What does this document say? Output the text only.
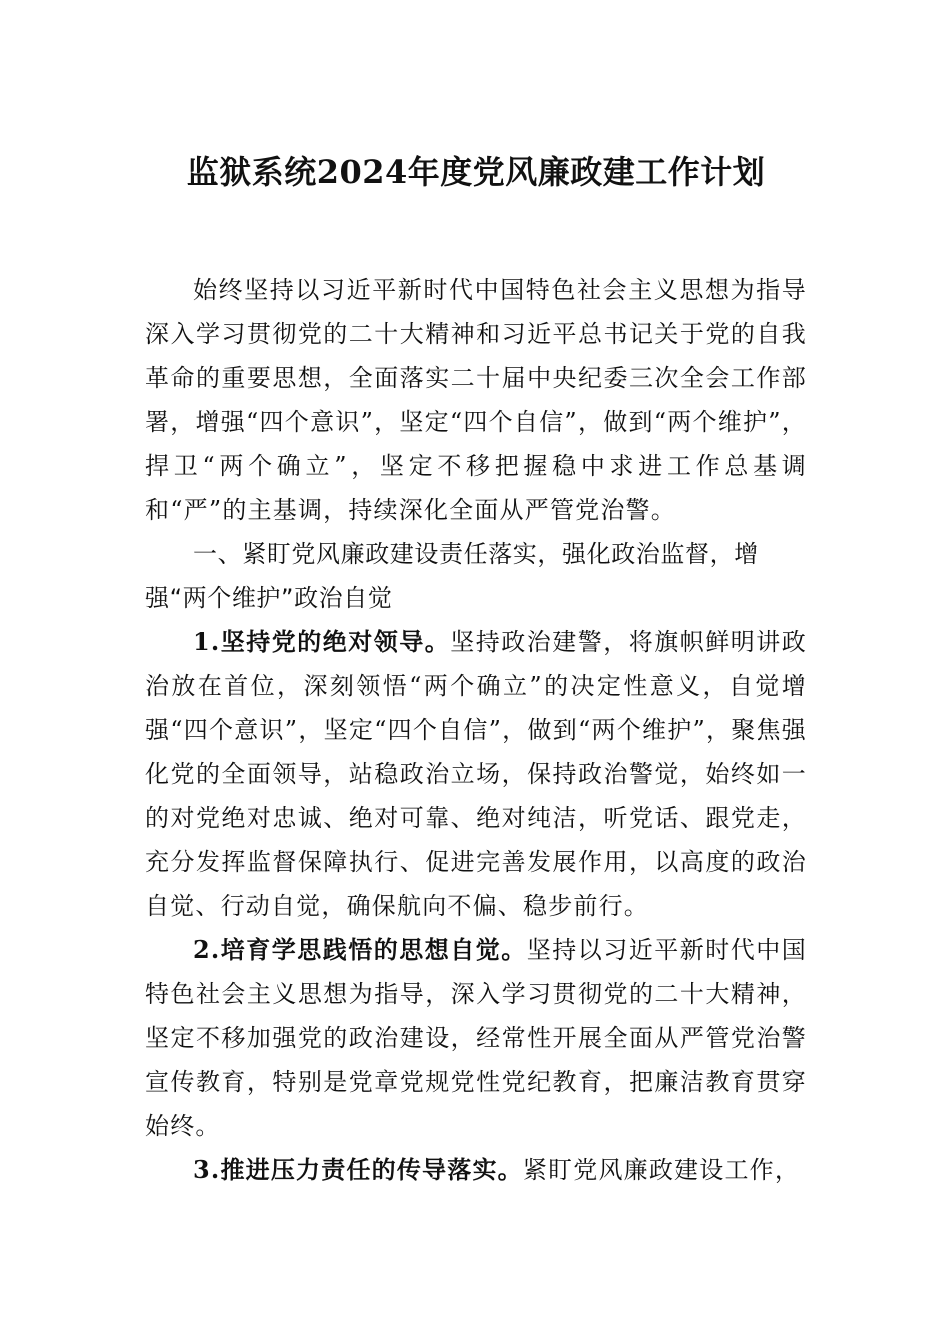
监狱系统2024年度党风廉政建工作计划

始终坚持以习近平新时代中国特色社会主义思想为指导深入学习贯彻党的二十大精神和习近平总书记关于党的自我革命的重要思想，全面落实二十届中央纪委三次全会工作部署，增强“四个意识”，坚定“四个自信”，做到“两个维护”，捍卫“两个确立”，坚定不移把握稳中求进工作总基调和“严”的主基调，持续深化全面从严管党治警。

一、紧盯党风廉政建设责任落实，强化政治监督，增强“两个维护”政治自觉

1.坚持党的绝对领导。坚持政治建警，将旗帜鲜明讲政治放在首位，深刻领悟“两个确立”的决定性意义，自觉增强“四个意识”，坚定“四个自信”，做到“两个维护”，聚焦强化党的全面领导，站稳政治立场，保持政治警觉，始终如一的对党绝对忠诚、绝对可靠、绝对纯洁，听党话、跟党走，充分发挥监督保障执行、促进完善发展作用，以高度的政治自觉、行动自觉，确保航向不偏、稳步前行。

2.培育学思践悟的思想自觉。坚持以习近平新时代中国特色社会主义思想为指导，深入学习贯彻党的二十大精神，坚定不移加强党的政治建设，经常性开展全面从严管党治警宣传教育，特别是党章党规党性党纪教育，把廉洁教育贯穿始终。

3.推进压力责任的传导落实。紧盯党风廉政建设工作，
